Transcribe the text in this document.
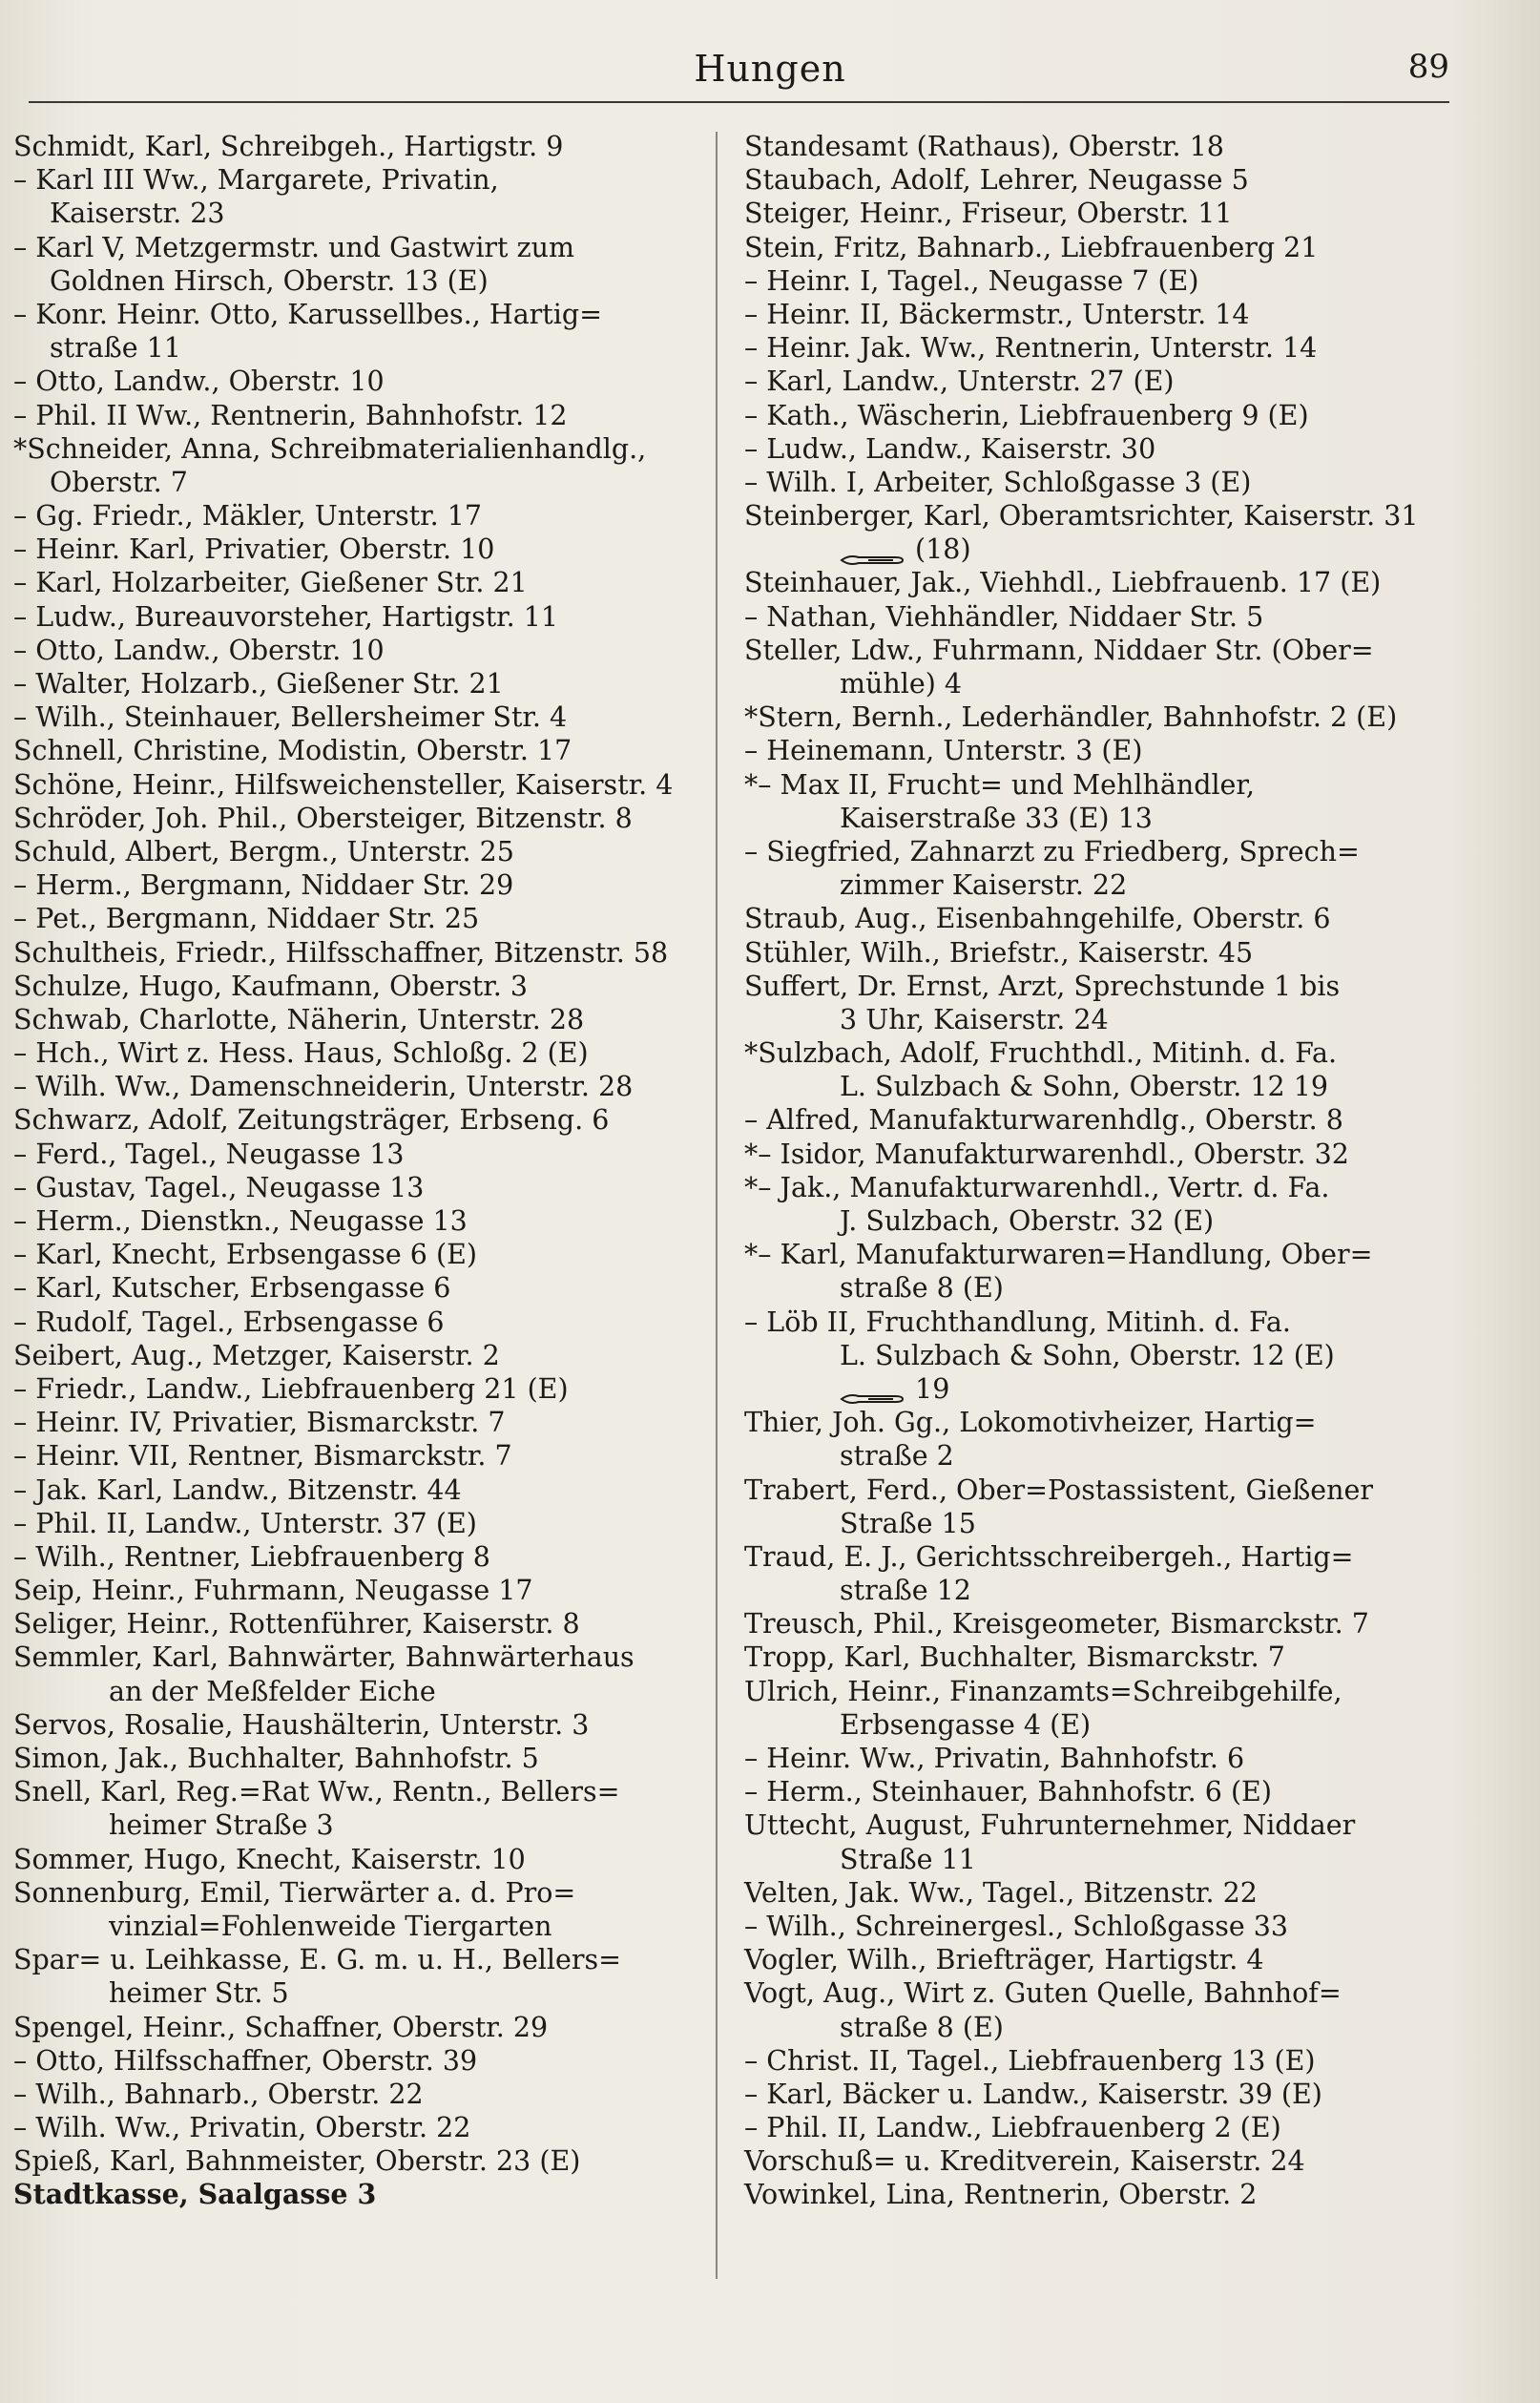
Hungen	89
Schmidt, Karl, Schreibgeh., Hartigstr. 9
– Karl III Ww., Margarete, Privatin,
Kaiserstr. 23
– Karl V, Metzgermstr. und Gastwirt zum
Goldnen Hirsch, Oberstr. 13 (E)
– Konr. Heinr. Otto, Karussellbes., Hartig=
straße 11
– Otto, Landw., Oberstr. 10
– Phil. II Ww., Rentnerin, Bahnhofstr. 12
*Schneider, Anna, Schreibmaterialienhandlg.,
Oberstr. 7
– Gg. Friedr., Mäkler, Unterstr. 17
– Heinr. Karl, Privatier, Oberstr. 10
– Karl, Holzarbeiter, Gießener Str. 21
– Ludw., Bureauvorsteher, Hartigstr. 11
– Otto, Landw., Oberstr. 10
– Walter, Holzarb., Gießener Str. 21
– Wilh., Steinhauer, Bellersheimer Str. 4
Schnell, Christine, Modistin, Oberstr. 17
Schöne, Heinr., Hilfsweichensteller, Kaiserstr. 4
Schröder, Joh. Phil., Obersteiger, Bitzenstr. 8
Schuld, Albert, Bergm., Unterstr. 25
– Herm., Bergmann, Niddaer Str. 29
– Pet., Bergmann, Niddaer Str. 25
Schultheis, Friedr., Hilfsschaffner, Bitzenstr. 58
Schulze, Hugo, Kaufmann, Oberstr. 3
Schwab, Charlotte, Näherin, Unterstr. 28
– Hch., Wirt z. Hess. Haus, Schloßg. 2 (E)
– Wilh. Ww., Damenschneiderin, Unterstr. 28
Schwarz, Adolf, Zeitungsträger, Erbseng. 6
– Ferd., Tagel., Neugasse 13
– Gustav, Tagel., Neugasse 13
– Herm., Dienstkn., Neugasse 13
– Karl, Knecht, Erbsengasse 6 (E)
– Karl, Kutscher, Erbsengasse 6
– Rudolf, Tagel., Erbsengasse 6
Seibert, Aug., Metzger, Kaiserstr. 2
– Friedr., Landw., Liebfrauenberg 21 (E)
– Heinr. IV, Privatier, Bismarckstr. 7
– Heinr. VII, Rentner, Bismarckstr. 7
– Jak. Karl, Landw., Bitzenstr. 44
– Phil. II, Landw., Unterstr. 37 (E)
– Wilh., Rentner, Liebfrauenberg 8
Seip, Heinr., Fuhrmann, Neugasse 17
Seliger, Heinr., Rottenführer, Kaiserstr. 8
Semmler, Karl, Bahnwärter, Bahnwärterhaus
an der Meßfelder Eiche
Servos, Rosalie, Haushälterin, Unterstr. 3
Simon, Jak., Buchhalter, Bahnhofstr. 5
Snell, Karl, Reg.=Rat Ww., Rentn., Bellers=
heimer Straße 3
Sommer, Hugo, Knecht, Kaiserstr. 10
Sonnenburg, Emil, Tierwärter a. d. Pro=
vinzial=Fohlenweide Tiergarten
Spar= u. Leihkasse, E. G. m. u. H., Bellers=
heimer Str. 5
Spengel, Heinr., Schaffner, Oberstr. 29
– Otto, Hilfsschaffner, Oberstr. 39
– Wilh., Bahnarb., Oberstr. 22
– Wilh. Ww., Privatin, Oberstr. 22
Spieß, Karl, Bahnmeister, Oberstr. 23 (E)
Stadtkasse, Saalgasse 3
Standesamt (Rathaus), Oberstr. 18
Staubach, Adolf, Lehrer, Neugasse 5
Steiger, Heinr., Friseur, Oberstr. 11
Stein, Fritz, Bahnarb., Liebfrauenberg 21
– Heinr. I, Tagel., Neugasse 7 (E)
– Heinr. II, Bäckermstr., Unterstr. 14
– Heinr. Jak. Ww., Rentnerin, Unterstr. 14
– Karl, Landw., Unterstr. 27 (E)
– Kath., Wäscherin, Liebfrauenberg 9 (E)
– Ludw., Landw., Kaiserstr. 30
– Wilh. I, Arbeiter, Schloßgasse 3 (E)
Steinberger, Karl, Oberamtsrichter, Kaiserstr. 31
(18)
Steinhauer, Jak., Viehhdl., Liebfrauenb. 17 (E)
– Nathan, Viehhändler, Niddaer Str. 5
Steller, Ldw., Fuhrmann, Niddaer Str. (Ober=
mühle) 4
*Stern, Bernh., Lederhändler, Bahnhofstr. 2 (E)
– Heinemann, Unterstr. 3 (E)
*– Max II, Frucht= und Mehlhändler,
Kaiserstraße 33 (E) 13
– Siegfried, Zahnarzt zu Friedberg, Sprech=
zimmer Kaiserstr. 22
Straub, Aug., Eisenbahngehilfe, Oberstr. 6
Stühler, Wilh., Briefstr., Kaiserstr. 45
Suffert, Dr. Ernst, Arzt, Sprechstunde 1 bis
3 Uhr, Kaiserstr. 24
*Sulzbach, Adolf, Fruchthdl., Mitinh. d. Fa.
L. Sulzbach & Sohn, Oberstr. 12 19
– Alfred, Manufakturwarenhdlg., Oberstr. 8
*– Isidor, Manufakturwarenhdl., Oberstr. 32
*– Jak., Manufakturwarenhdl., Vertr. d. Fa.
J. Sulzbach, Oberstr. 32 (E)
*– Karl, Manufakturwaren=Handlung, Ober=
straße 8 (E)
– Löb II, Fruchthandlung, Mitinh. d. Fa.
L. Sulzbach & Sohn, Oberstr. 12 (E)
19
Thier, Joh. Gg., Lokomotivheizer, Hartig=
straße 2
Trabert, Ferd., Ober=Postassistent, Gießener
Straße 15
Traud, E. J., Gerichtsschreibergeh., Hartig=
straße 12
Treusch, Phil., Kreisgeometer, Bismarckstr. 7
Tropp, Karl, Buchhalter, Bismarckstr. 7
Ulrich, Heinr., Finanzamts=Schreibgehilfe,
Erbsengasse 4 (E)
– Heinr. Ww., Privatin, Bahnhofstr. 6
– Herm., Steinhauer, Bahnhofstr. 6 (E)
Uttecht, August, Fuhrunternehmer, Niddaer
Straße 11
Velten, Jak. Ww., Tagel., Bitzenstr. 22
– Wilh., Schreinergesl., Schloßgasse 33
Vogler, Wilh., Briefträger, Hartigstr. 4
Vogt, Aug., Wirt z. Guten Quelle, Bahnhof=
straße 8 (E)
– Christ. II, Tagel., Liebfrauenberg 13 (E)
– Karl, Bäcker u. Landw., Kaiserstr. 39 (E)
– Phil. II, Landw., Liebfrauenberg 2 (E)
Vorschuß= u. Kreditverein, Kaiserstr. 24
Vowinkel, Lina, Rentnerin, Oberstr. 2
